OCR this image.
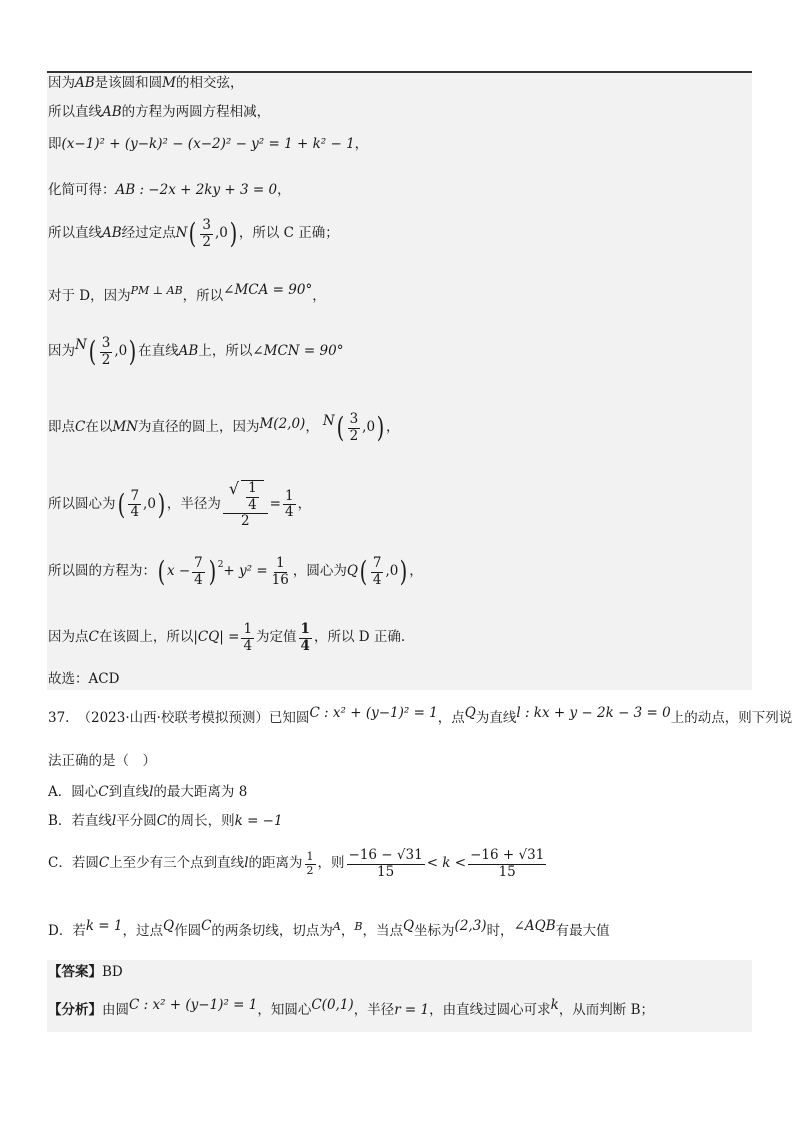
因为 AB 是该圆和圆 M 的相交弦，
所以直线 AB 的方程为两圆方程相减，
即 (x−1)² + (y−k)² − (x−2)² − y² = 1 + k² − 1 ，
化简可得： AB : −2x + 2ky + 3 = 0 ，
所以直线 AB 经过定点 N ( $\frac{3}{2} ,0$ ) ，所以 C 正确；
对于 D，因为 PM ⊥ AB ，所以 ∠MCA = 90° ，
因为 N ( $\frac{3}{2} ,0$ ) 在直线 AB 上，所以 ∠MCN = 90°
即点 C 在以 MN 为直径的圆上，因为 M(2,0) ， N ( $\frac{3}{2} ,0$ ) ，
所以圆心为 ( $\frac{7}{4} ,0$ ) ，半径为 $\frac{√ \frac{1}{4}}{2} = \frac{1}{4}$ ，
所以圆的方程为： ( $x - \frac{7}{4}$ ) $2 + y^2 = \frac{1}{16}$ ，圆心为 Q ( $\frac{7}{4} ,0$ ) ，
因为点 C 在该圆上，所以 $|CQ| = \frac{1}{4}$ 为定值 $\frac{1}{4}$ ，所以 D 正确.
故选：ACD
37. （2023·山西·校联考模拟预测）已知圆 C : x² + (y−1)² = 1 ，点 Q 为直线 l : kx + y − 2k − 3 = 0 上的动点，则下列说
法正确的是（　）
A．圆心 C 到直线 l 的最大距离为 8
B．若直线 l 平分圆 C 的周长，则 k = −1
C．若圆 C 上至少有三个点到直线 l 的距离为 $\frac{1}{2}$ ，则 $\frac{-16 - √31}{15} < k < \frac{-16 + √31}{15}$
D．若 k = 1 ，过点 Q 作圆 C 的两条切线，切点为 A ， B ，当点 Q 坐标为 (2,3) 时， ∠AQB 有最大值
【答案】 BD
【分析】 由圆 C : x² + (y−1)² = 1 ，知圆心 C(0,1) ，半径 r = 1 ，由直线过圆心可求 k ，从而判断 B；
